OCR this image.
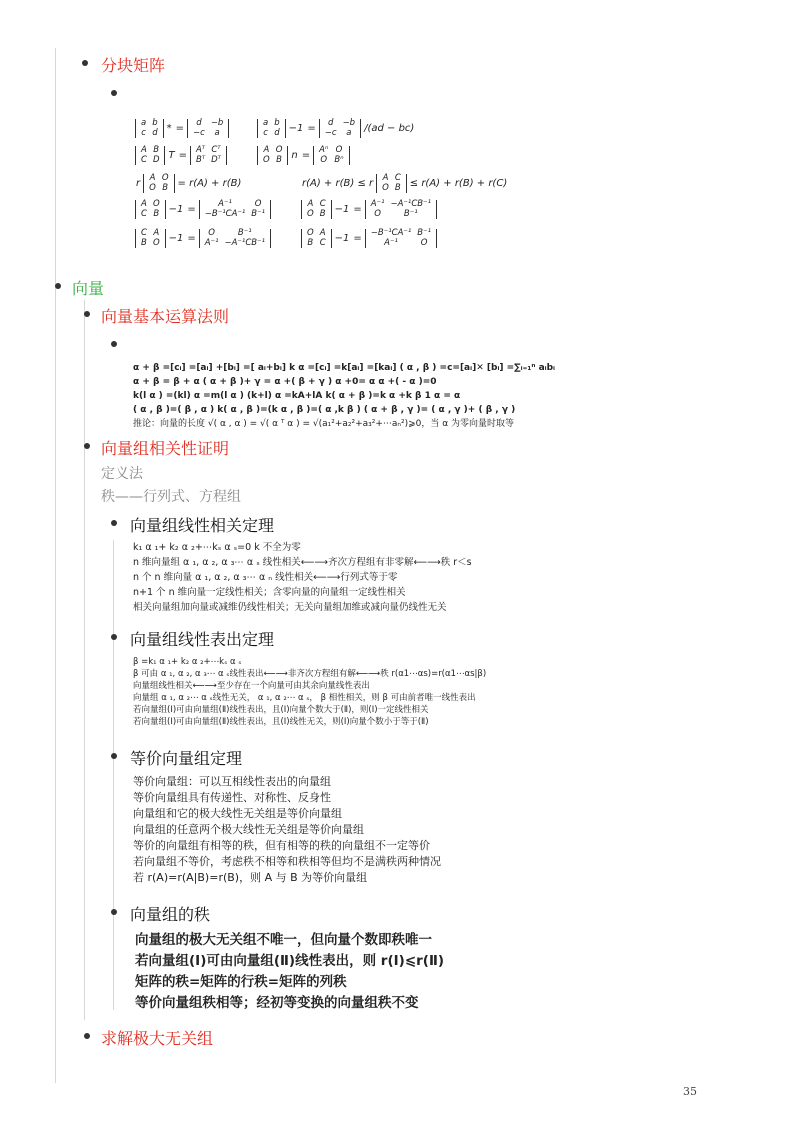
分块矩阵
a	b
c	d * = d	−b
−c	a
a	b
c	d −1 = d	−b
−c	a /(ad − bc)
A	B
C	D T = Aᵀ	Cᵀ
Bᵀ	Dᵀ
A	O
O	B n = Aⁿ	O
O	Bⁿ
r A	O
O	B = r(A) + r(B)	r(A) + r(B) ≤ r A	C
O	B ≤ r(A) + r(B) + r(C)
A	O
C	B −1 =	A⁻¹	O
−B⁻¹CA⁻¹	B⁻¹
A	C
O	B −1 = A⁻¹	−A⁻¹CB⁻¹
O	B⁻¹
C	A
B	O −1 = O	B⁻¹
A⁻¹	−A⁻¹CB⁻¹
O	A
B	C −1 = −B⁻¹CA⁻¹	B⁻¹
A⁻¹	O
向量
向量基本运算法则
α + β =[cᵢ] =[aᵢ] +[bᵢ] =[ aᵢ+bᵢ] k α =[cᵢ] =k[aᵢ] =[kaᵢ] ( α , β ) =c=[aᵢ]✕ [bᵢ] =∑ᵢ₌₁ⁿ aᵢbᵢ
α + β = β + α ( α + β )+ γ = α +( β + γ ) α +0= α α +( - α )=0
k(l α ) =(kl) α =m(l α ) (k+l) α =kA+lA k( α + β )=k α +k β 1 α = α
( α , β )=( β , α ) k( α , β )=(k α , β )=( α ,k β ) ( α + β , γ )= ( α , γ )+ ( β , γ )
推论：向量的长度 √( α , α ) = √( α ᵀ α ) = √(a₁²+a₂²+a₃²+⋯aₙ²)⩾0，当 α 为零向量时取等
向量组相关性证明
定义法
秩——行列式、方程组
向量组线性相关定理
k₁ α ₁+ k₂ α ₂+⋯kₛ α ₛ=0 k 不全为零
n 维向量组 α ₁, α ₂, α ₃⋯ α ₛ 线性相关⟵⟶齐次方程组有非零解⟵⟶秩 r＜s
n 个 n 维向量 α ₁, α ₂, α ₃⋯ α ₙ 线性相关⟵⟶行列式等于零
n+1 个 n 维向量一定线性相关；含零向量的向量组一定线性相关
相关向量组加向量或减维仍线性相关；无关向量组加维或减向量仍线性无关
向量组线性表出定理
β =k₁ α ₁+ k₂ α ₂+⋯kₛ α ₛ
β 可由 α ₁, α ₂, α ₃⋯ α ₛ线性表出⟵⟶非齐次方程组有解⟵⟶秩 r(α1⋯αs)=r(α1⋯αs|β)
向量组线性相关⟵⟶至少存在一个向量可由其余向量线性表出
向量组 α ₁, α ₂⋯ α ₛ线性无关， α ₁, α ₂⋯ α ₛ， β 相性相关，则 β 可由前者唯一线性表出
若向量组(Ⅰ)可由向量组(Ⅱ)线性表出，且(Ⅰ)向量个数大于(Ⅱ)，则(Ⅰ)一定线性相关
若向量组(Ⅰ)可由向量组(Ⅱ)线性表出，且(Ⅰ)线性无关，则(Ⅰ)向量个数小于等于(Ⅱ)
等价向量组定理
等价向量组：可以互相线性表出的向量组
等价向量组具有传递性、对称性、反身性
向量组和它的极大线性无关组是等价向量组
向量组的任意两个极大线性无关组是等价向量组
等价的向量组有相等的秩，但有相等的秩的向量组不一定等价
若向量组不等价，考虑秩不相等和秩相等但均不是满秩两种情况
若 r(A)=r(A|B)=r(B)，则 A 与 B 为等价向量组
向量组的秩
向量组的极大无关组不唯一，但向量个数即秩唯一
若向量组(Ⅰ)可由向量组(Ⅱ)线性表出，则 r(Ⅰ)⩽r(Ⅱ)
矩阵的秩=矩阵的行秩=矩阵的列秩
等价向量组秩相等；经初等变换的向量组秩不变
求解极大无关组
35
